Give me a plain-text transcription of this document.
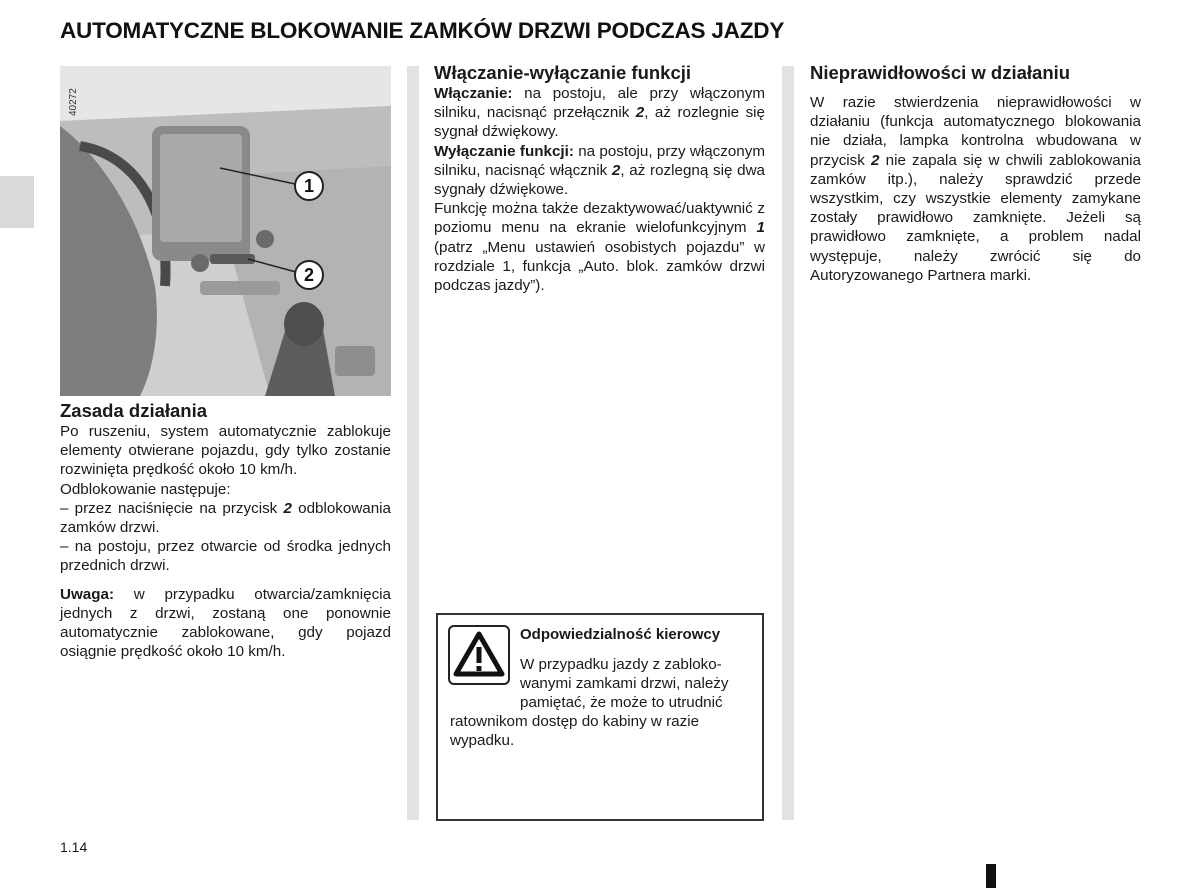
AUTOMATYCZNE BLOKOWANIE ZAMKÓW DRZWI PODCZAS JAZDY
40272
1
2
Zasada działania

Po ruszeniu, system automatycznie zablokuje elementy otwierane pojazdu, gdy tylko zostanie rozwinięta prędkość około 10 km/h.

Odblokowanie następuje:

– przez naciśnięcie na przycisk 2 odblokowania zamków drzwi.

– na postoju, przez otwarcie od środka jednych przednich drzwi.

Uwaga: w przypadku otwarcia/zamknięcia jednych z drzwi, zostaną one ponownie automatycznie zablokowane, gdy pojazd osiągnie prędkość około 10 km/h.

Włączanie-wyłączanie funkcji

Włączanie: na postoju, ale przy włączonym silniku, nacisnąć przełącznik 2, aż rozlegnie się sygnał dźwiękowy.

Wyłączanie funkcji: na postoju, przy włączonym silniku, nacisnąć włącznik 2, aż rozlegną się dwa sygnały dźwiękowe.

Funkcję można także dezaktywować/uaktywnić z poziomu menu na ekranie wielofunkcyjnym 1 (patrz „Menu ustawień osobistych pojazdu” w rozdziale 1, funkcja „Auto. blok. zamków drzwi podczas jazdy”).

Odpowiedzialność kierowcy
W przypadku jazdy z zabloko-
wanymi zamkami drzwi, należy
pamiętać, że może to utrudnić
ratownikom dostęp do kabiny w razie
wypadku.
Nieprawidłowości w działaniu

W razie stwierdzenia nieprawidłowości w działaniu (funkcja automatycznego blokowania nie działa, lampka kontrolna wbudowana w przycisk 2 nie zapala się w chwili zablokowania zamków itp.), należy sprawdzić przede wszystkim, czy wszystkie elementy zamykane zostały prawidłowo zamknięte. Jeżeli są prawidłowo zamknięte, a problem nadal występuje, należy zwrócić się do Autoryzowanego Partnera marki.

1.14
